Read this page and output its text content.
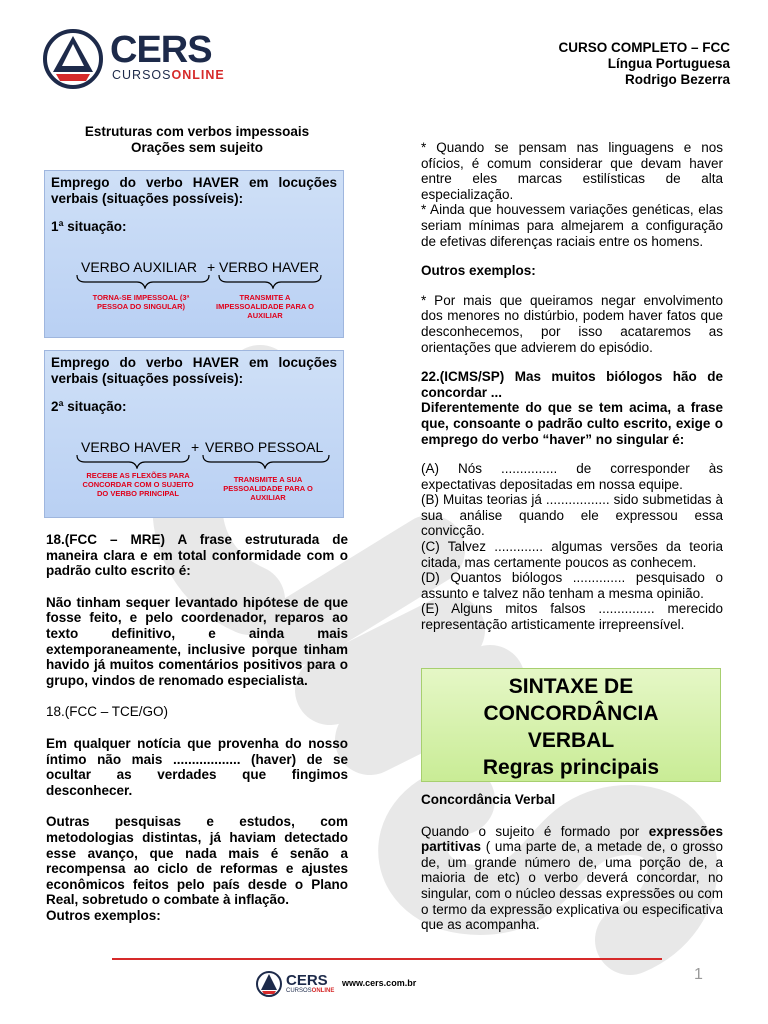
CERS
CURSOSONLINE
CURSO COMPLETO – FCC
Língua Portuguesa
Rodrigo Bezerra
Estruturas com verbos impessoais
Orações sem sujeito

Emprego do verbo HAVER em locuções verbais (situações possíveis):

1ª situação:

VERBO AUXILIAR + VERBO HAVER
TORNA-SE IMPESSOAL (3ª PESSOA DO SINGULAR)
TRANSMITE A IMPESSOALIDADE PARA O AUXILIAR

Emprego do verbo HAVER em locuções verbais (situações possíveis):

2ª situação:

VERBO HAVER + VERBO PESSOAL
RECEBE AS FLEXÕES PARA CONCORDAR COM O SUJEITO DO VERBO PRINCIPAL
TRANSMITE A SUA PESSOALIDADE PARA O AUXILIAR

18.(FCC – MRE) A frase estruturada de maneira clara e em total conformidade com o padrão culto escrito é:

Não tinham sequer levantado hipótese de que fosse feito, e pelo coordenador, reparos ao texto definitivo, e ainda mais extemporaneamente, inclusive porque tinham havido já muitos comentários positivos para o grupo, vindos de renomado especialista.

18.(FCC – TCE/GO)

Em qualquer notícia que provenha do nosso íntimo não mais .................. (haver) de se ocultar as verdades que fingimos desconhecer.

Outras pesquisas e estudos, com metodologias distintas, já haviam detectado esse avanço, que nada mais é senão a recompensa ao ciclo de reformas e ajustes econômicos feitos pelo país desde o Plano Real, sobretudo o combate à inflação.

Outros exemplos:

* Quando se pensam nas linguagens e nos ofícios, é comum considerar que devam haver entre eles marcas estilísticas de alta especialização.

* Ainda que houvessem variações genéticas, elas seriam mínimas para almejarem a configuração de efetivas diferenças raciais entre os homens.

Outros exemplos:

* Por mais que queiramos negar envolvimento dos menores no distúrbio, podem haver fatos que desconhecemos, por isso acataremos as orientações que advierem do episódio.

22.(ICMS/SP) Mas muitos biólogos hão de concordar ...

Diferentemente do que se tem acima, a frase que, consoante o padrão culto escrito, exige o emprego do verbo “haver” no singular é:

(A) Nós ............... de corresponder às expectativas depositadas em nossa equipe.

(B) Muitas teorias já ................. sido submetidas à sua análise quando ele expressou essa convicção.

(C) Talvez ............. algumas versões da teoria citada, mas certamente poucos as conhecem.

(D) Quantos biólogos .............. pesquisado o assunto e talvez não tenham a mesma opinião.

(E) Alguns mitos falsos ............... merecido representação artisticamente irrepreensível.

SINTAXE DE
CONCORDÂNCIA
VERBAL
Regras principais

Concordância Verbal

Quando o sujeito é formado por expressões partitivas ( uma parte de, a metade de, o grosso de, um grande número de, uma porção de, a maioria de etc) o verbo deverá concordar, no singular, com o núcleo dessas expressões ou com o termo da expressão explicativa ou especificativa que as acompanha.

CERS
CURSOSONLINE
www.cers.com.br	1
